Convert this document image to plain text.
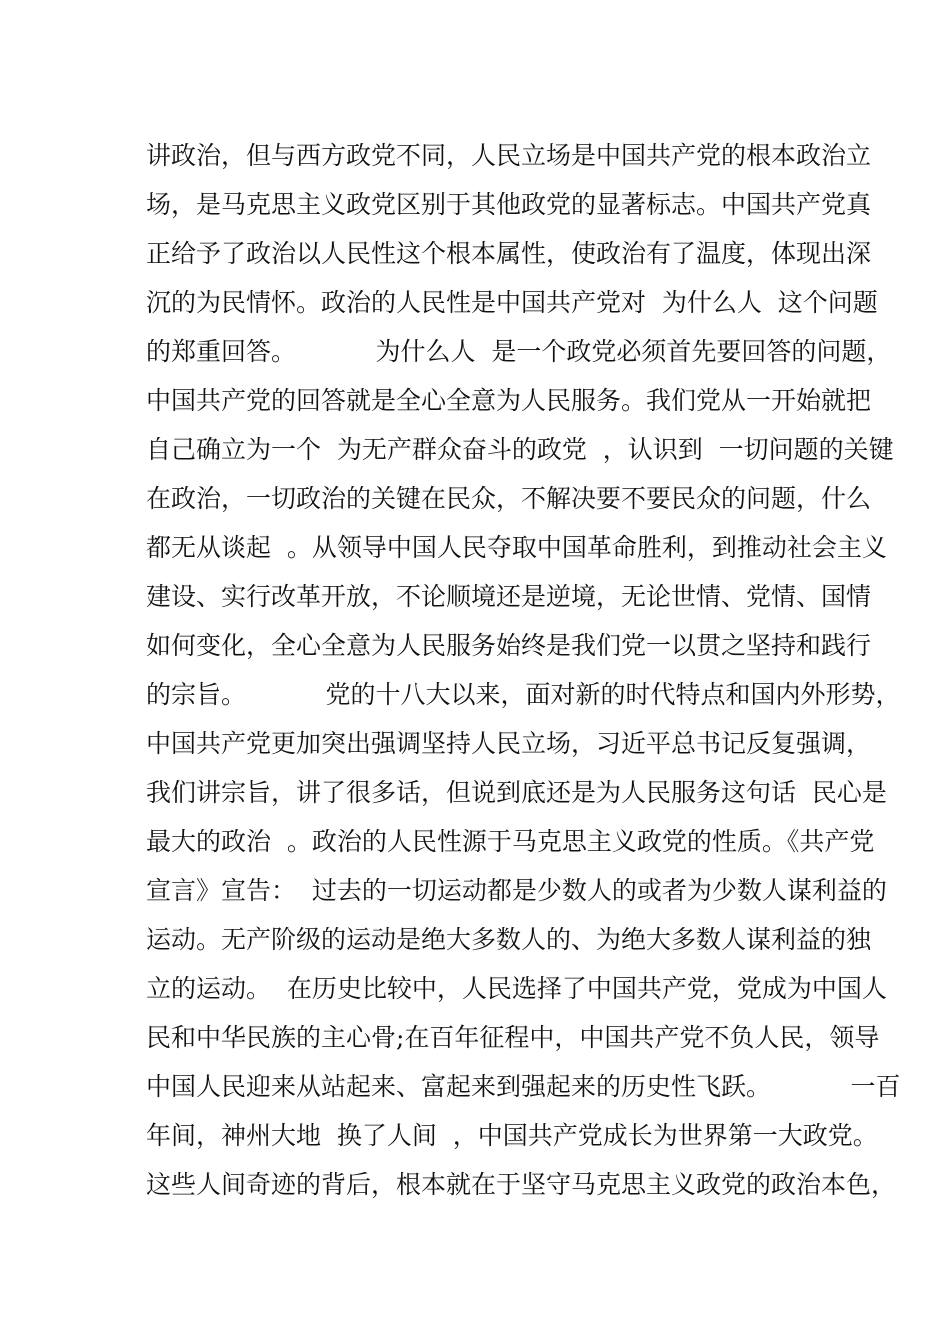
讲政治，但与西方政党不同，人民立场是中国共产党的根本政治立
场，是马克思主义政党区别于其他政党的显著标志。中国共产党真
正给予了政治以人民性这个根本属性，使政治有了温度，体现出深
沉的为民情怀。政治的人民性是中国共产党对  为什么人  这个问题
的郑重回答。          为什么人  是一个政党必须首先要回答的问题，
中国共产党的回答就是全心全意为人民服务。我们党从一开始就把
自己确立为一个  为无产群众奋斗的政党  ，认识到  一切问题的关键
在政治，一切政治的关键在民众，不解决要不要民众的问题，什么
都无从谈起  。从领导中国人民夺取中国革命胜利，到推动社会主义
建设、实行改革开放，不论顺境还是逆境，无论世情、党情、国情
如何变化，全心全意为人民服务始终是我们党一以贯之坚持和践行
的宗旨。          党的十八大以来，面对新的时代特点和国内外形势，
中国共产党更加突出强调坚持人民立场，习近平总书记反复强调，
我们讲宗旨，讲了很多话，但说到底还是为人民服务这句话  民心是
最大的政治  。政治的人民性源于马克思主义政党的性质。《共产党
宣言》宣告：  过去的一切运动都是少数人的或者为少数人谋利益的
运动。无产阶级的运动是绝大多数人的、为绝大多数人谋利益的独
立的运动。  在历史比较中，人民选择了中国共产党，党成为中国人
民和中华民族的主心骨;在百年征程中，中国共产党不负人民，领导
中国人民迎来从站起来、富起来到强起来的历史性飞跃。          一百
年间，神州大地  换了人间  ，中国共产党成长为世界第一大政党。
这些人间奇迹的背后，根本就在于坚守马克思主义政党的政治本色，
